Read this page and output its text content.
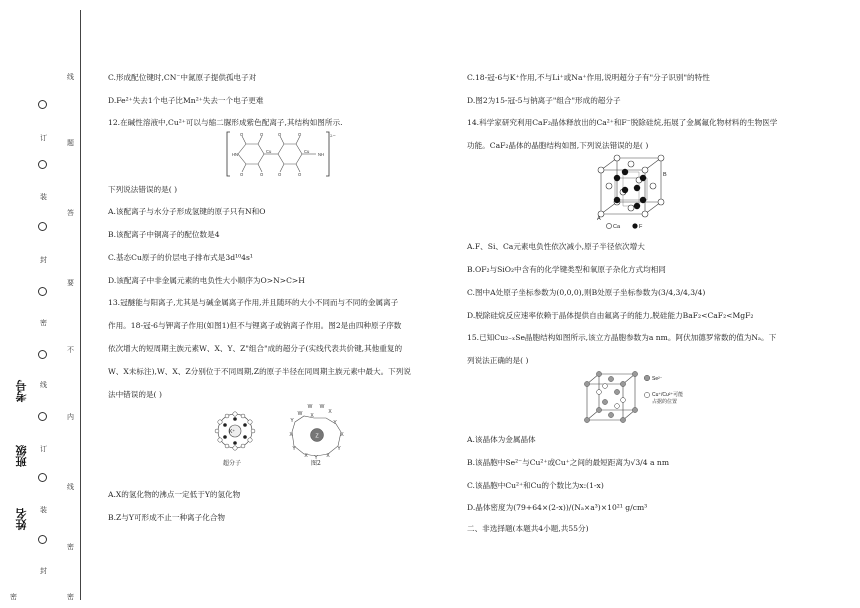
线
订
题
装
答
封
要
密
不
线
内
订
装
线
封
密
密	密
考号
班级
姓名

C.形成配位键时,CN⁻中氮原子提供孤电子对

D.Fe²⁺失去1个电子比Mn²⁺失去一个电子更难

12.在碱性溶液中,Cu²⁺可以与缩二脲形成紫色配离子,其结构如图所示.

2−
Cu	Cu
HN
O	O
O	O
O	O
O	O
NH

下列说法错误的是( )

A.该配离子与水分子形成氢键的原子只有N和O

B.该配离子中铜离子的配位数是4

C.基态Cu原子的价层电子排布式是3d¹⁰4s¹

D.该配离子中非金属元素的电负性大小顺序为O>N>C>H

13.冠醚能与阳离子,尤其是与碱金属离子作用,并且随环的大小不同而与不同的金属离子

作用。18-冠-6与钾离子作用(如图1)但不与锂离子或钠离子作用。图2是由四种原子序数

依次增大的短周期主族元素W、X、Y、Z"组合"成的超分子(实线代表共价键,其他重复的

W、X未标注),W、X、Z分别位于不同周期,Z的原子半径在同周期主族元素中最大。下列说

法中错误的是( )

K⁺

超分子

W W
W	X
Y
X
Y
X	X
Y	Y
X Y X
Z

图2

A.X的氢化物的沸点一定低于Y的氢化物

B.Z与Y可形成不止一种离子化合物

C.18-冠-6与K⁺作用,不与Li⁺或Na⁺作用,说明超分子有"分子识别"的特性

D.图2为15-冠-5与钠离子"组合"形成的超分子

14.科学家研究利用CaF₂晶体释放出的Ca²⁺和F⁻脱除硅烷,拓展了金属氟化物材料的生物医学

功能。CaF₂晶体的晶胞结构如图,下列说法错误的是( )

A
B
Ca	F

A.F、Si、Ca元素电负性依次减小,原子半径依次增大

B.OF₂与SiO₂中含有的化学键类型和氧原子杂化方式均相同

C.图中A处原子坐标参数为(0,0,0),则B处原子坐标参数为(3/4,3/4,3/4)

D.脱除硅烷反应速率依赖于晶体提供自由氟离子的能力,脱硅能力BaF₂<CaF₂<MgF₂

15.已知Cu₂₋ₓSe晶胞结构如图所示,该立方晶胞参数为a nm。阿伏加德罗常数的值为Nₐ。下

列说法正确的是( )

Se²⁻
Cu⁺/Cu²⁺可能
占据的位置

A.该晶体为金属晶体

B.该晶胞中Se²⁻与Cu²⁺或Cu⁺之间的最短距离为√3/4 a nm

C.该晶胞中Cu²⁺和Cu的个数比为x:(1-x)

D.晶体密度为(79+64×(2-x))/(Nₐ×a³)×10²¹ g/cm³

二、非选择题(本题共4小题,共55分)
